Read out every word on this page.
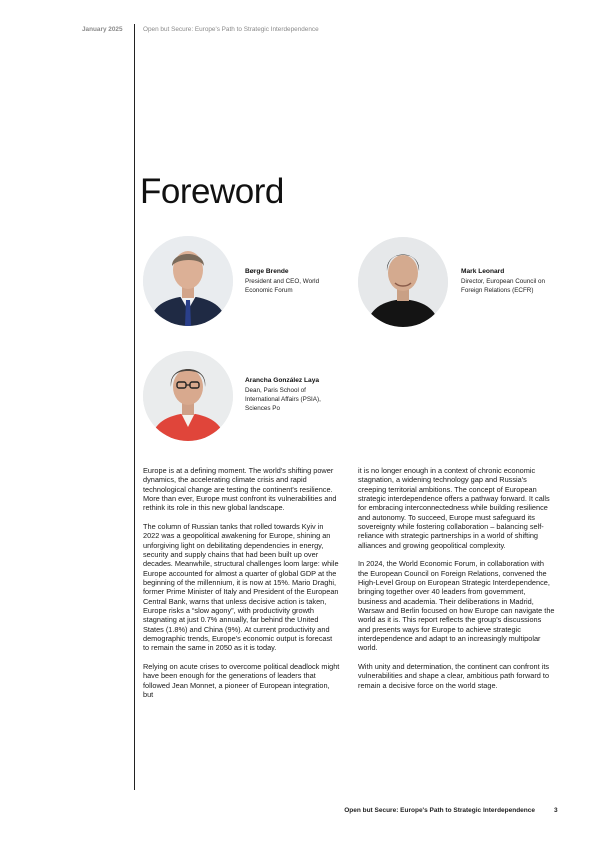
January 2025	Open but Secure: Europe's Path to Strategic Interdependence
Foreword
Børge Brende
President and CEO, World Economic Forum
Mark Leonard
Director, European Council on Foreign Relations (ECFR)
Arancha González Laya
Dean, Paris School of International Affairs (PSIA), Sciences Po

Europe is at a defining moment. The world's shifting power dynamics, the accelerating climate crisis and rapid technological change are testing the continent's resilience. More than ever, Europe must confront its vulnerabilities and rethink its role in this new global landscape.

The column of Russian tanks that rolled towards Kyiv in 2022 was a geopolitical awakening for Europe, shining an unforgiving light on debilitating dependencies in energy, security and supply chains that had been built up over decades. Meanwhile, structural challenges loom large: while Europe accounted for almost a quarter of global GDP at the beginning of the millennium, it is now at 15%. Mario Draghi, former Prime Minister of Italy and President of the European Central Bank, warns that unless decisive action is taken, Europe risks a “slow agony”, with productivity growth stagnating at just 0.7% annually, far behind the United States (1.8%) and China (9%). At current productivity and demographic trends, Europe's economic output is forecast to remain the same in 2050 as it is today.

Relying on acute crises to overcome political deadlock might have been enough for the generations of leaders that followed Jean Monnet, a pioneer of European integration, but

it is no longer enough in a context of chronic economic stagnation, a widening technology gap and Russia's creeping territorial ambitions. The concept of European strategic interdependence offers a pathway forward. It calls for embracing interconnectedness while building resilience and autonomy. To succeed, Europe must safeguard its sovereignty while fostering collaboration – balancing self-reliance with strategic partnerships in a world of shifting alliances and growing geopolitical complexity.

In 2024, the World Economic Forum, in collaboration with the European Council on Foreign Relations, convened the High-Level Group on European Strategic Interdependence, bringing together over 40 leaders from government, business and academia. Their deliberations in Madrid, Warsaw and Berlin focused on how Europe can navigate the world as it is. This report reflects the group's discussions and presents ways for Europe to achieve strategic interdependence and adapt to an increasingly multipolar world.

With unity and determination, the continent can confront its vulnerabilities and shape a clear, ambitious path forward to remain a decisive force on the world stage.

Open but Secure: Europe's Path to Strategic Interdependence	3
